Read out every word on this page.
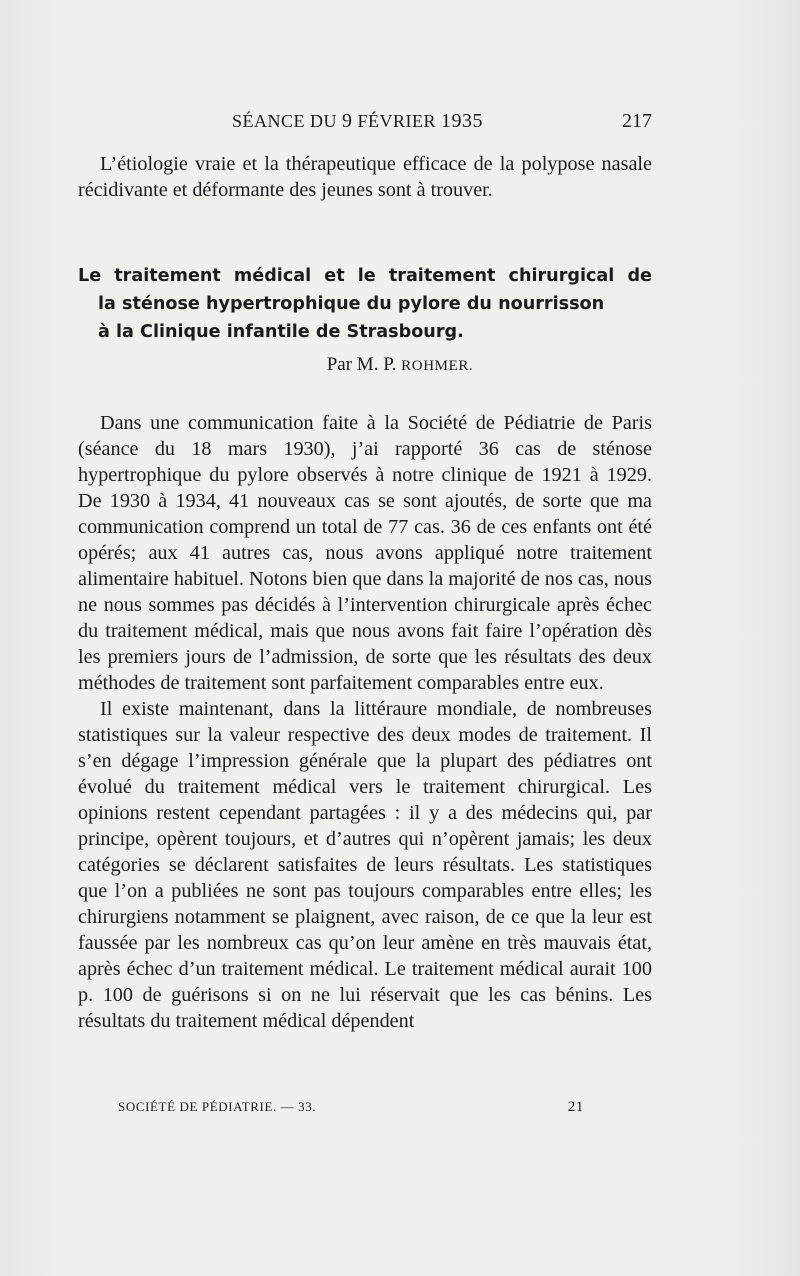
SÉANCE DU 9 FÉVRIER 1935	217

L’étiologie vraie et la thérapeutique efficace de la polypose nasale récidivante et déformante des jeunes sont à trouver.

Le traitement médical et le traitement chirurgical de
la sténose hypertrophique du pylore du nourrisson
à la Clinique infantile de Strasbourg.
Par M. P. ROHMER.

Dans une communication faite à la Société de Pédiatrie de Paris (séance du 18 mars 1930), j’ai rapporté 36 cas de sténose hypertrophique du pylore observés à notre clinique de 1921 à 1929. De 1930 à 1934, 41 nouveaux cas se sont ajoutés, de sorte que ma communication comprend un total de 77 cas. 36 de ces enfants ont été opérés; aux 41 autres cas, nous avons appliqué notre traitement alimentaire habituel. Notons bien que dans la majorité de nos cas, nous ne nous sommes pas décidés à l’intervention chirurgicale après échec du traitement médical, mais que nous avons fait faire l’opération dès les premiers jours de l’admission, de sorte que les résultats des deux méthodes de traitement sont parfaitement comparables entre eux.

Il existe maintenant, dans la littéraure mondiale, de nombreuses statistiques sur la valeur respective des deux modes de traitement. Il s’en dégage l’impression générale que la plupart des pédiatres ont évolué du traitement médical vers le traitement chirurgical. Les opinions restent cependant partagées : il y a des médecins qui, par principe, opèrent toujours, et d’autres qui n’opèrent jamais; les deux catégories se déclarent satisfaites de leurs résultats. Les statistiques que l’on a publiées ne sont pas toujours comparables entre elles; les chirurgiens notamment se plaignent, avec raison, de ce que la leur est faussée par les nombreux cas qu’on leur amène en très mauvais état, après échec d’un traitement médical. Le traitement médical aurait 100 p. 100 de guérisons si on ne lui réservait que les cas bénins. Les résultats du traitement médical dépendent

SOCIÉTÉ DE PÉDIATRIE. — 33.	21
